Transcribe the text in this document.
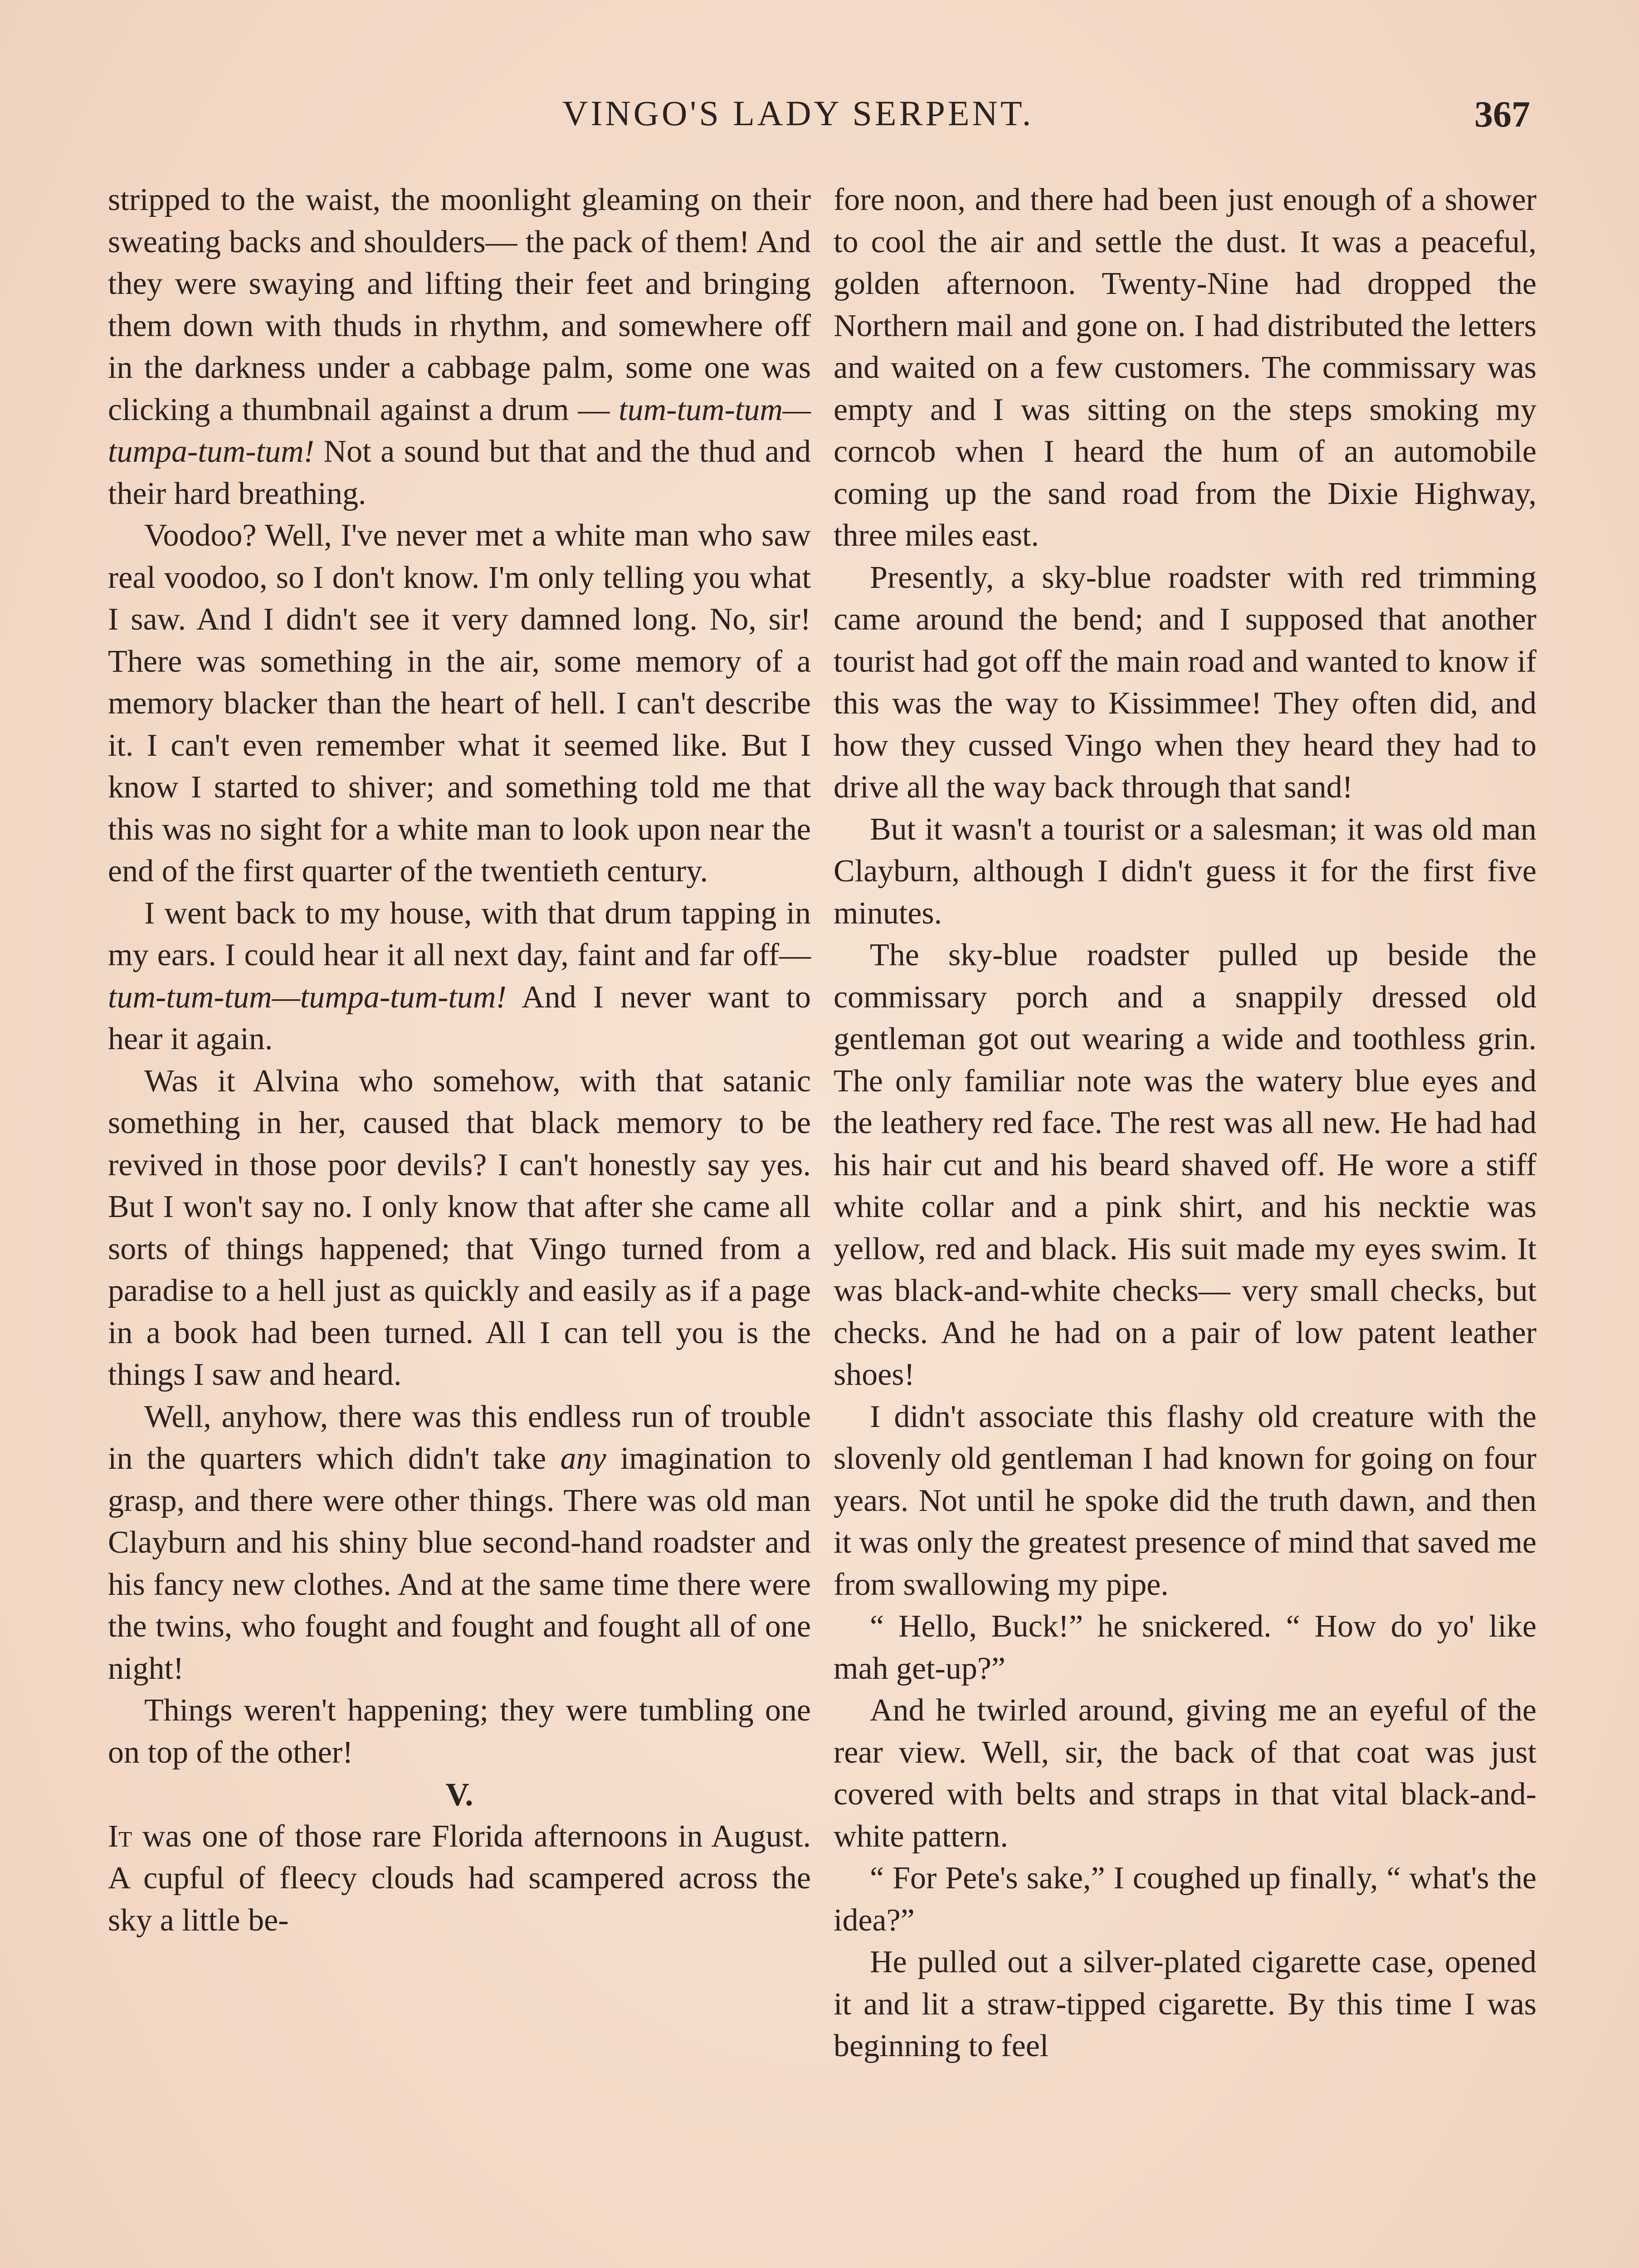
VINGO'S LADY SERPENT.	367

stripped to the waist, the moonlight gleaming on their sweating backs and shoulders— the pack of them! And they were swaying and lifting their feet and bringing them down with thuds in rhythm, and somewhere off in the darkness under a cabbage palm, some one was clicking a thumbnail against a drum — tum-tum-tum—tumpa-tum-tum! Not a sound but that and the thud and their hard breathing.

Voodoo? Well, I've never met a white man who saw real voodoo, so I don't know. I'm only telling you what I saw. And I didn't see it very damned long. No, sir! There was something in the air, some memory of a memory blacker than the heart of hell. I can't describe it. I can't even remember what it seemed like. But I know I started to shiver; and something told me that this was no sight for a white man to look upon near the end of the first quarter of the twentieth century.

I went back to my house, with that drum tapping in my ears. I could hear it all next day, faint and far off—tum-tum-tum—tumpa-tum-tum! And I never want to hear it again.

Was it Alvina who somehow, with that satanic something in her, caused that black memory to be revived in those poor devils? I can't honestly say yes. But I won't say no. I only know that after she came all sorts of things happened; that Vingo turned from a paradise to a hell just as quickly and easily as if a page in a book had been turned. All I can tell you is the things I saw and heard.

Well, anyhow, there was this endless run of trouble in the quarters which didn't take any imagination to grasp, and there were other things. There was old man Clayburn and his shiny blue second-hand roadster and his fancy new clothes. And at the same time there were the twins, who fought and fought and fought all of one night!

Things weren't happening; they were tumbling one on top of the other!

V.

It was one of those rare Florida afternoons in August. A cupful of fleecy clouds had scampered across the sky a little be-

fore noon, and there had been just enough of a shower to cool the air and settle the dust. It was a peaceful, golden afternoon. Twenty-Nine had dropped the Northern mail and gone on. I had distributed the letters and waited on a few customers. The commissary was empty and I was sitting on the steps smoking my corncob when I heard the hum of an automobile coming up the sand road from the Dixie Highway, three miles east.

Presently, a sky-blue roadster with red trimming came around the bend; and I supposed that another tourist had got off the main road and wanted to know if this was the way to Kissimmee! They often did, and how they cussed Vingo when they heard they had to drive all the way back through that sand!

But it wasn't a tourist or a salesman; it was old man Clayburn, although I didn't guess it for the first five minutes.

The sky-blue roadster pulled up beside the commissary porch and a snappily dressed old gentleman got out wearing a wide and toothless grin. The only familiar note was the watery blue eyes and the leathery red face. The rest was all new. He had had his hair cut and his beard shaved off. He wore a stiff white collar and a pink shirt, and his necktie was yellow, red and black. His suit made my eyes swim. It was black-and-white checks— very small checks, but checks. And he had on a pair of low patent leather shoes!

I didn't associate this flashy old creature with the slovenly old gentleman I had known for going on four years. Not until he spoke did the truth dawn, and then it was only the greatest presence of mind that saved me from swallowing my pipe.

“ Hello, Buck!” he snickered. “ How do yo' like mah get-up?”

And he twirled around, giving me an eyeful of the rear view. Well, sir, the back of that coat was just covered with belts and straps in that vital black-and-white pattern.

“ For Pete's sake,” I coughed up finally, “ what's the idea?”

He pulled out a silver-plated cigarette case, opened it and lit a straw-tipped cigarette. By this time I was beginning to feel
